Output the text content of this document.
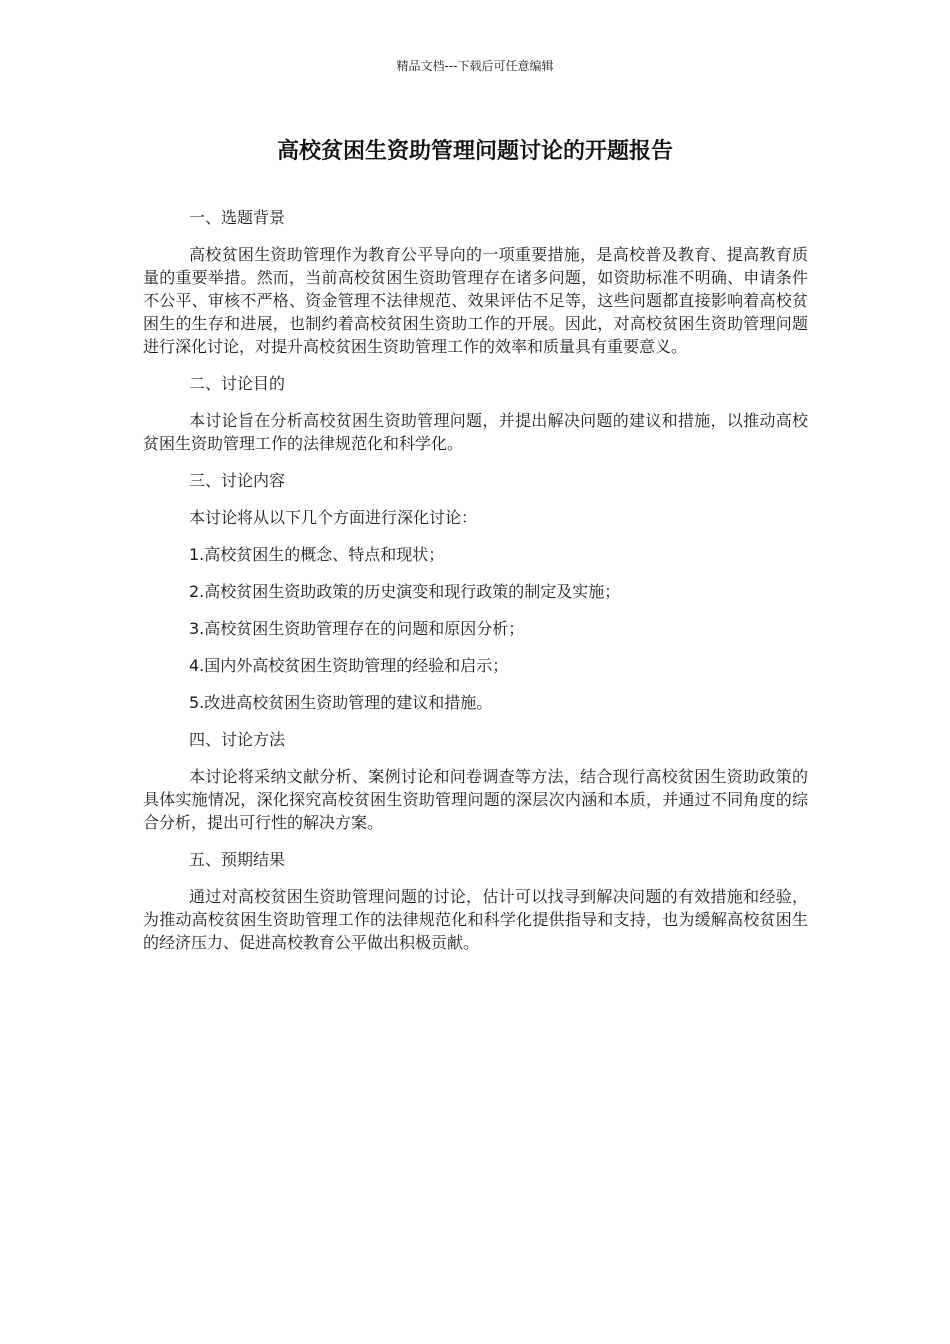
精品文档---下载后可任意编辑
高校贫困生资助管理问题讨论的开题报告
一、选题背景
高校贫困生资助管理作为教育公平导向的一项重要措施，是高校普及教育、提高教育质量的重要举措。然而，当前高校贫困生资助管理存在诸多问题，如资助标准不明确、申请条件不公平、审核不严格、资金管理不法律规范、效果评估不足等，这些问题都直接影响着高校贫困生的生存和进展，也制约着高校贫困生资助工作的开展。因此，对高校贫困生资助管理问题进行深化讨论，对提升高校贫困生资助管理工作的效率和质量具有重要意义。
二、讨论目的
本讨论旨在分析高校贫困生资助管理问题，并提出解决问题的建议和措施，以推动高校贫困生资助管理工作的法律规范化和科学化。
三、讨论内容
本讨论将从以下几个方面进行深化讨论：
1.高校贫困生的概念、特点和现状；
2.高校贫困生资助政策的历史演变和现行政策的制定及实施；
3.高校贫困生资助管理存在的问题和原因分析；
4.国内外高校贫困生资助管理的经验和启示；
5.改进高校贫困生资助管理的建议和措施。
四、讨论方法
本讨论将采纳文献分析、案例讨论和问卷调查等方法，结合现行高校贫困生资助政策的具体实施情况，深化探究高校贫困生资助管理问题的深层次内涵和本质，并通过不同角度的综合分析，提出可行性的解决方案。
五、预期结果
通过对高校贫困生资助管理问题的讨论，估计可以找寻到解决问题的有效措施和经验，为推动高校贫困生资助管理工作的法律规范化和科学化提供指导和支持，也为缓解高校贫困生的经济压力、促进高校教育公平做出积极贡献。
